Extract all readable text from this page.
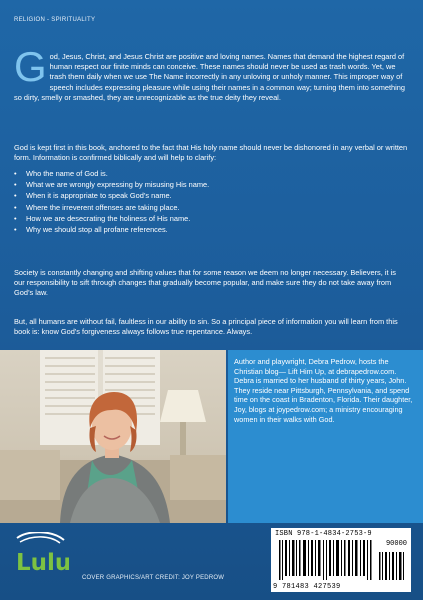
RELIGION - SPIRITUALITY
G od, Jesus, Christ, and Jesus Christ are positive and loving names. Names that demand the highest regard of human respect our finite minds can conceive. These names should never be used as trash words. Yet, we trash them daily when we use The Name incorrectly in any unloving or unholy manner. This improper way of speech includes expressing pleasure while using their names in a common way; turning them into something so dirty, smelly or smashed, they are unrecognizable as the true deity they reveal.

God is kept first in this book, anchored to the fact that His holy name should never be dishonored in any verbal or written form. Information is confirmed biblically and will help to clarify:

• Who the name of God is.
• What we are wrongly expressing by misusing His name.
• When it is appropriate to speak God’s name.
• Where the irreverent offenses are taking place.
• How we are desecrating the holiness of His name.
• Why we should stop all profane references.

Society is constantly changing and shifting values that for some reason we deem no longer necessary. Believers, it is our responsibility to sift through changes that gradually become popular, and make sure they do not take away from God’s law.

But, all humans are without fail, faultless in our ability to sin. So a principal piece of information you will learn from this book is: know God’s forgiveness always follows true repentance. Always.

Author and playwright, Debra Pedrow, hosts the Christian blog— Lift Him Up, at debrapedrow.com. Debra is married to her husband of thirty years, John. They reside near Pittsburgh, Pennsylvania, and spend time on the coast in Bradenton, Florida. Their daughter, Joy, blogs at joypedrow.com; a ministry encouraging women in their walks with God.

Lulu
COVER GRAPHICS/ART CREDIT: JOY PEDROW
ISBN 978-1-4834-2753-9
90000
9 781483 427539
